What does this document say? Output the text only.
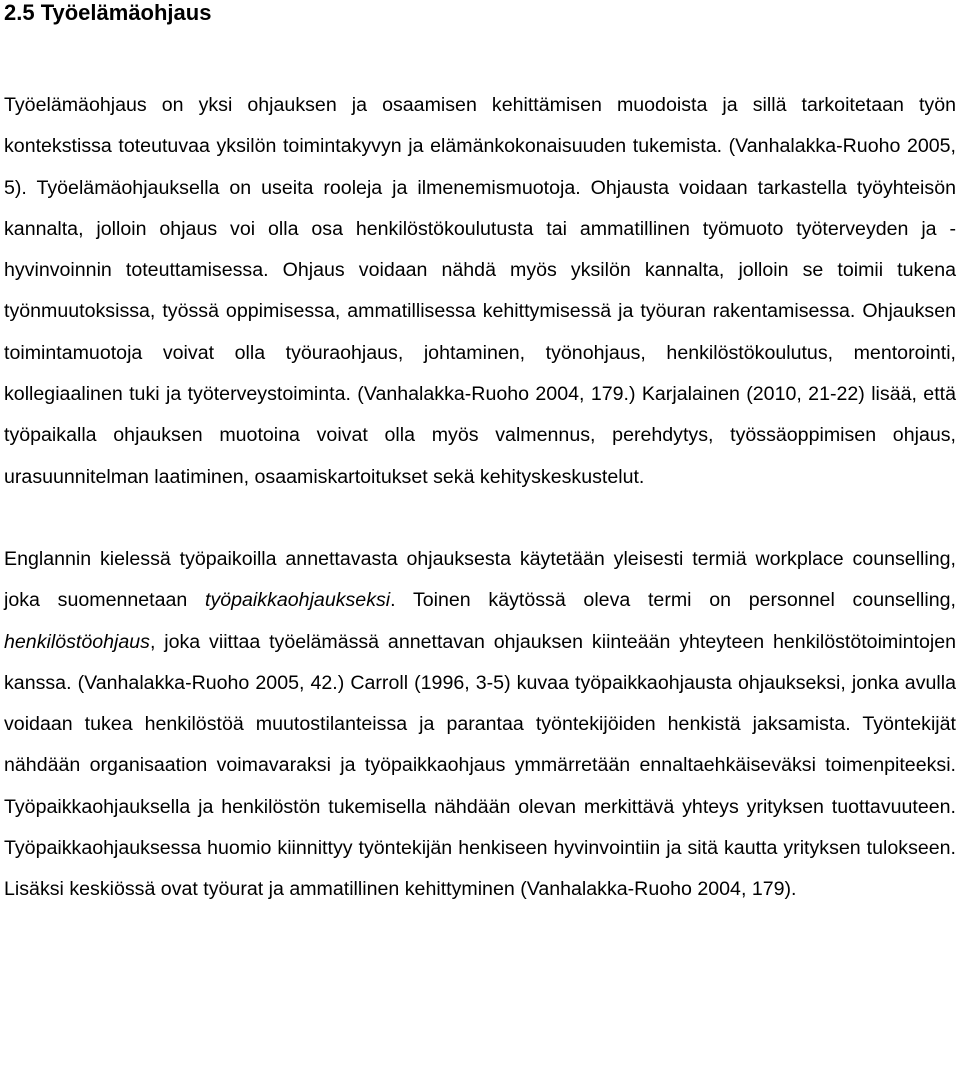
2.5 Työelämäohjaus

Työelämäohjaus on yksi ohjauksen ja osaamisen kehittämisen muodoista ja sillä tarkoitetaan työn kontekstissa toteutuvaa yksilön toimintakyvyn ja elämänkokonaisuuden tukemista. (Vanhalakka-Ruoho 2005, 5). Työelämäohjauksella on useita rooleja ja ilmenemismuotoja. Ohjausta voidaan tarkastella työyhteisön kannalta, jolloin ohjaus voi olla osa henkilöstökoulutusta tai ammatillinen työmuoto työterveyden ja -hyvinvoinnin toteuttamisessa. Ohjaus voidaan nähdä myös yksilön kannalta, jolloin se toimii tukena työnmuutoksissa, työssä oppimisessa, ammatillisessa kehittymisessä ja työuran rakentamisessa. Ohjauksen toimintamuotoja voivat olla työuraohjaus, johtaminen, työnohjaus, henkilöstökoulutus, mentorointi, kollegiaalinen tuki ja työterveystoiminta. (Vanhalakka-Ruoho 2004, 179.) Karjalainen (2010, 21-22) lisää, että työpaikalla ohjauksen muotoina voivat olla myös valmennus, perehdytys, työssäoppimisen ohjaus, urasuunnitelman laatiminen, osaamiskartoitukset sekä kehityskeskustelut.

Englannin kielessä työpaikoilla annettavasta ohjauksesta käytetään yleisesti termiä workplace counselling, joka suomennetaan työpaikkaohjaukseksi. Toinen käytössä oleva termi on personnel counselling, henkilöstöohjaus, joka viittaa työelämässä annettavan ohjauksen kiinteään yhteyteen henkilöstötoimintojen kanssa. (Vanhalakka-Ruoho 2005, 42.) Carroll (1996, 3-5) kuvaa työpaikkaohjausta ohjaukseksi, jonka avulla voidaan tukea henkilöstöä muutostilanteissa ja parantaa työntekijöiden henkistä jaksamista. Työntekijät nähdään organisaation voimavaraksi ja työpaikkaohjaus ymmärretään ennaltaehkäiseväksi toimenpiteeksi. Työpaikkaohjauksella ja henkilöstön tukemisella nähdään olevan merkittävä yhteys yrityksen tuottavuuteen. Työpaikkaohjauksessa huomio kiinnittyy työntekijän henkiseen hyvinvointiin ja sitä kautta yrityksen tulokseen. Lisäksi keskiössä ovat työurat ja ammatillinen kehittyminen (Vanhalakka-Ruoho 2004, 179).
